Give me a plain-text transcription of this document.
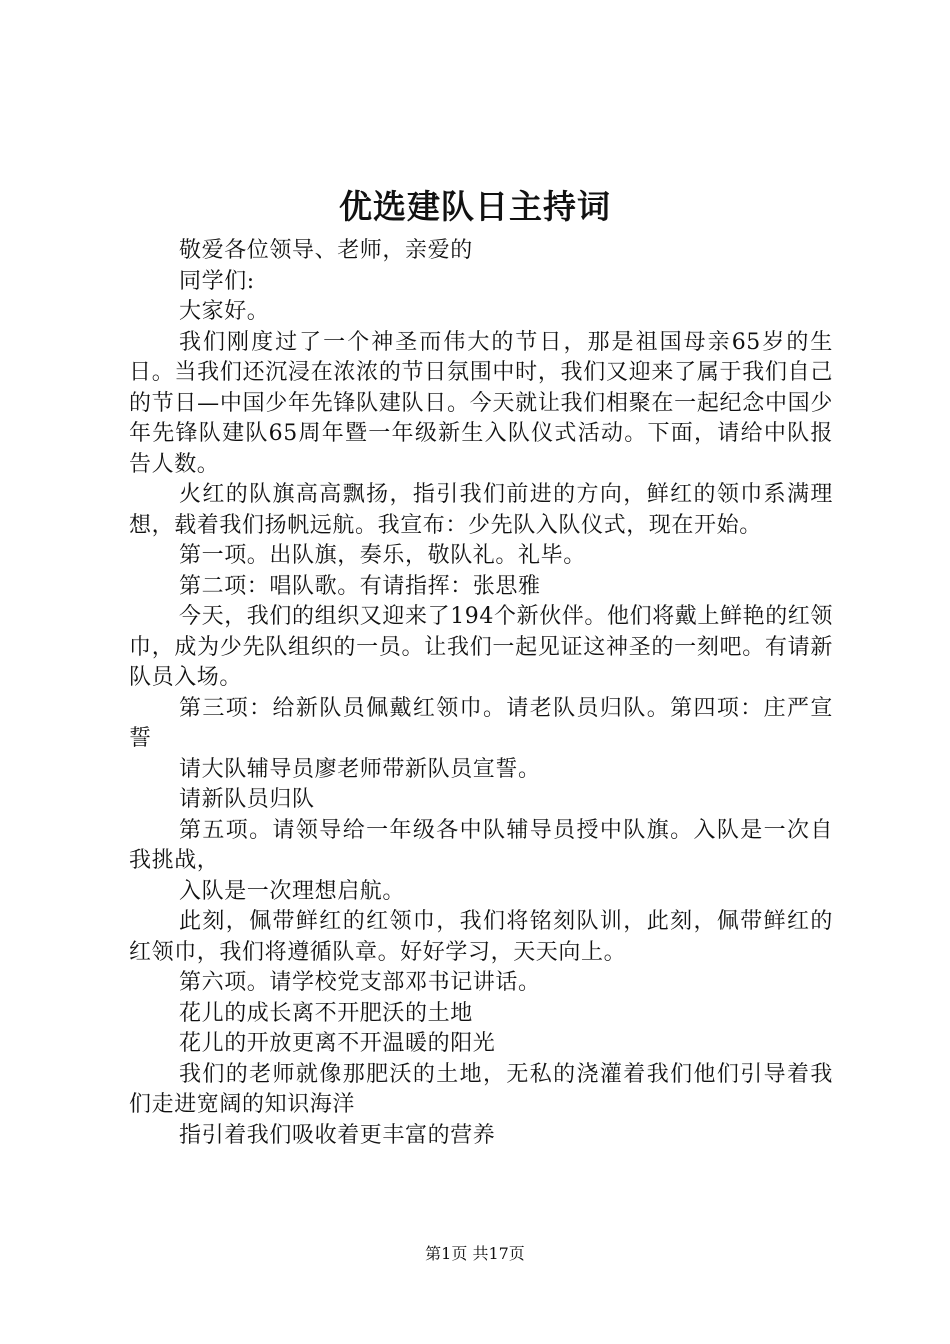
优选建队日主持词

敬爱各位领导、老师，亲爱的

同学们:

大家好。

我们刚度过了一个神圣而伟大的节日，那是祖国母亲65岁的生日。当我们还沉浸在浓浓的节日氛围中时，我们又迎来了属于我们自己的节日—中国少年先锋队建队日。今天就让我们相聚在一起纪念中国少年先锋队建队65周年暨一年级新生入队仪式活动。下面，请给中队报告人数。

火红的队旗高高飘扬，指引我们前进的方向，鲜红的领巾系满理想，载着我们扬帆远航。我宣布：少先队入队仪式，现在开始。

第一项。出队旗，奏乐，敬队礼。礼毕。

第二项：唱队歌。有请指挥：张思雅

今天，我们的组织又迎来了194个新伙伴。他们将戴上鲜艳的红领巾，成为少先队组织的一员。让我们一起见证这神圣的一刻吧。有请新队员入场。

第三项：给新队员佩戴红领巾。请老队员归队。第四项：庄严宣誓

请大队辅导员廖老师带新队员宣誓。

请新队员归队

第五项。请领导给一年级各中队辅导员授中队旗。入队是一次自我挑战，

入队是一次理想启航。

此刻，佩带鲜红的红领巾，我们将铭刻队训，此刻，佩带鲜红的红领巾，我们将遵循队章。好好学习，天天向上。

第六项。请学校党支部邓书记讲话。

花儿的成长离不开肥沃的土地

花儿的开放更离不开温暖的阳光

我们的老师就像那肥沃的土地，无私的浇灌着我们他们引导着我们走进宽阔的知识海洋

指引着我们吸收着更丰富的营养

第1页 共17页
